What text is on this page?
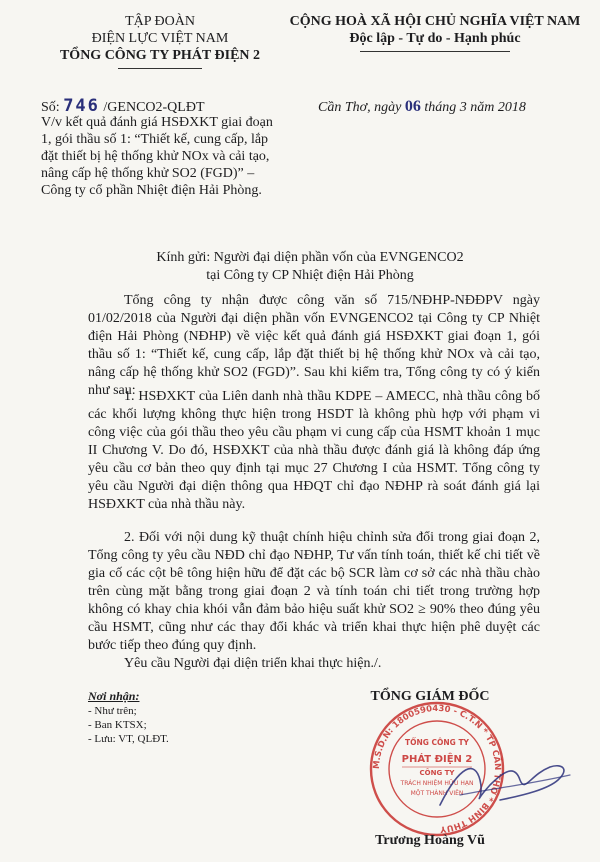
TẬP ĐOÀN
ĐIỆN LỰC VIỆT NAM
TỔNG CÔNG TY PHÁT ĐIỆN 2
CỘNG HOÀ XÃ HỘI CHỦ NGHĨA VIỆT NAM
Độc lập - Tự do - Hạnh phúc
Số: 746 /GENCO2-QLĐT
V/v kết quả đánh giá HSĐXKT giai đoạn 1, gói thầu số 1: “Thiết kế, cung cấp, lắp đặt thiết bị hệ thống khử NOx và cải tạo, nâng cấp hệ thống khử SO2 (FGD)” – Công ty cổ phần Nhiệt điện Hải Phòng.
Cần Thơ, ngày 06 tháng 3 năm 2018
Kính gửi: Người đại diện phần vốn của EVNGENCO2
tại Công ty CP Nhiệt điện Hải Phòng
Tổng công ty nhận được công văn số 715/NĐHP-NĐĐPV ngày 01/02/2018 của Người đại diện phần vốn EVNGENCO2 tại Công ty CP Nhiệt điện Hải Phòng (NĐHP) về việc kết quả đánh giá HSĐXKT giai đoạn 1, gói thầu số 1: “Thiết kế, cung cấp, lắp đặt thiết bị hệ thống khử NOx và cải tạo, nâng cấp hệ thống khử SO2 (FGD)”. Sau khi kiểm tra, Tổng công ty có ý kiến như sau:
1. HSĐXKT của Liên danh nhà thầu KDPE – AMECC, nhà thầu công bố các khối lượng không thực hiện trong HSDT là không phù hợp với phạm vi công việc của gói thầu theo yêu cầu phạm vi cung cấp của HSMT khoản 1 mục II Chương V. Do đó, HSĐXKT của nhà thầu được đánh giá là không đáp ứng yêu cầu cơ bản theo quy định tại mục 27 Chương I của HSMT. Tổng công ty yêu cầu Người đại diện thông qua HĐQT chỉ đạo NĐHP rà soát đánh giá lại HSĐXKT của nhà thầu này.
2. Đối với nội dung kỹ thuật chính hiệu chỉnh sửa đổi trong giai đoạn 2, Tổng công ty yêu cầu NĐD chỉ đạo NĐHP, Tư vấn tính toán, thiết kế chi tiết về gia cố các cột bê tông hiện hữu để đặt các bộ SCR làm cơ sở các nhà thầu chào trên cùng mặt bằng trong giai đoạn 2 và tính toán chi tiết trong trường hợp không có khay chia khói vẫn đảm bảo hiệu suất khử SO2 ≥ 90% theo đúng yêu cầu HSMT, cũng như các thay đổi khác và triển khai thực hiện phê duyệt các bước tiếp theo đúng quy định.
Yêu cầu Người đại diện triển khai thực hiện./.
Nơi nhận:
- Như trên;
- Ban KTSX;
- Lưu: VT, QLĐT.
TỔNG GIÁM ĐỐC
M.S.D.N: 1800590430 - C.T.N * TP CẦN THƠ * BÌNH THUỶ
TỔNG CÔNG TY
PHÁT ĐIỆN 2
CÔNG TY
TRÁCH NHIỆM HỮU HẠN
MỘT THÀNH VIÊN
Trương Hoàng Vũ
